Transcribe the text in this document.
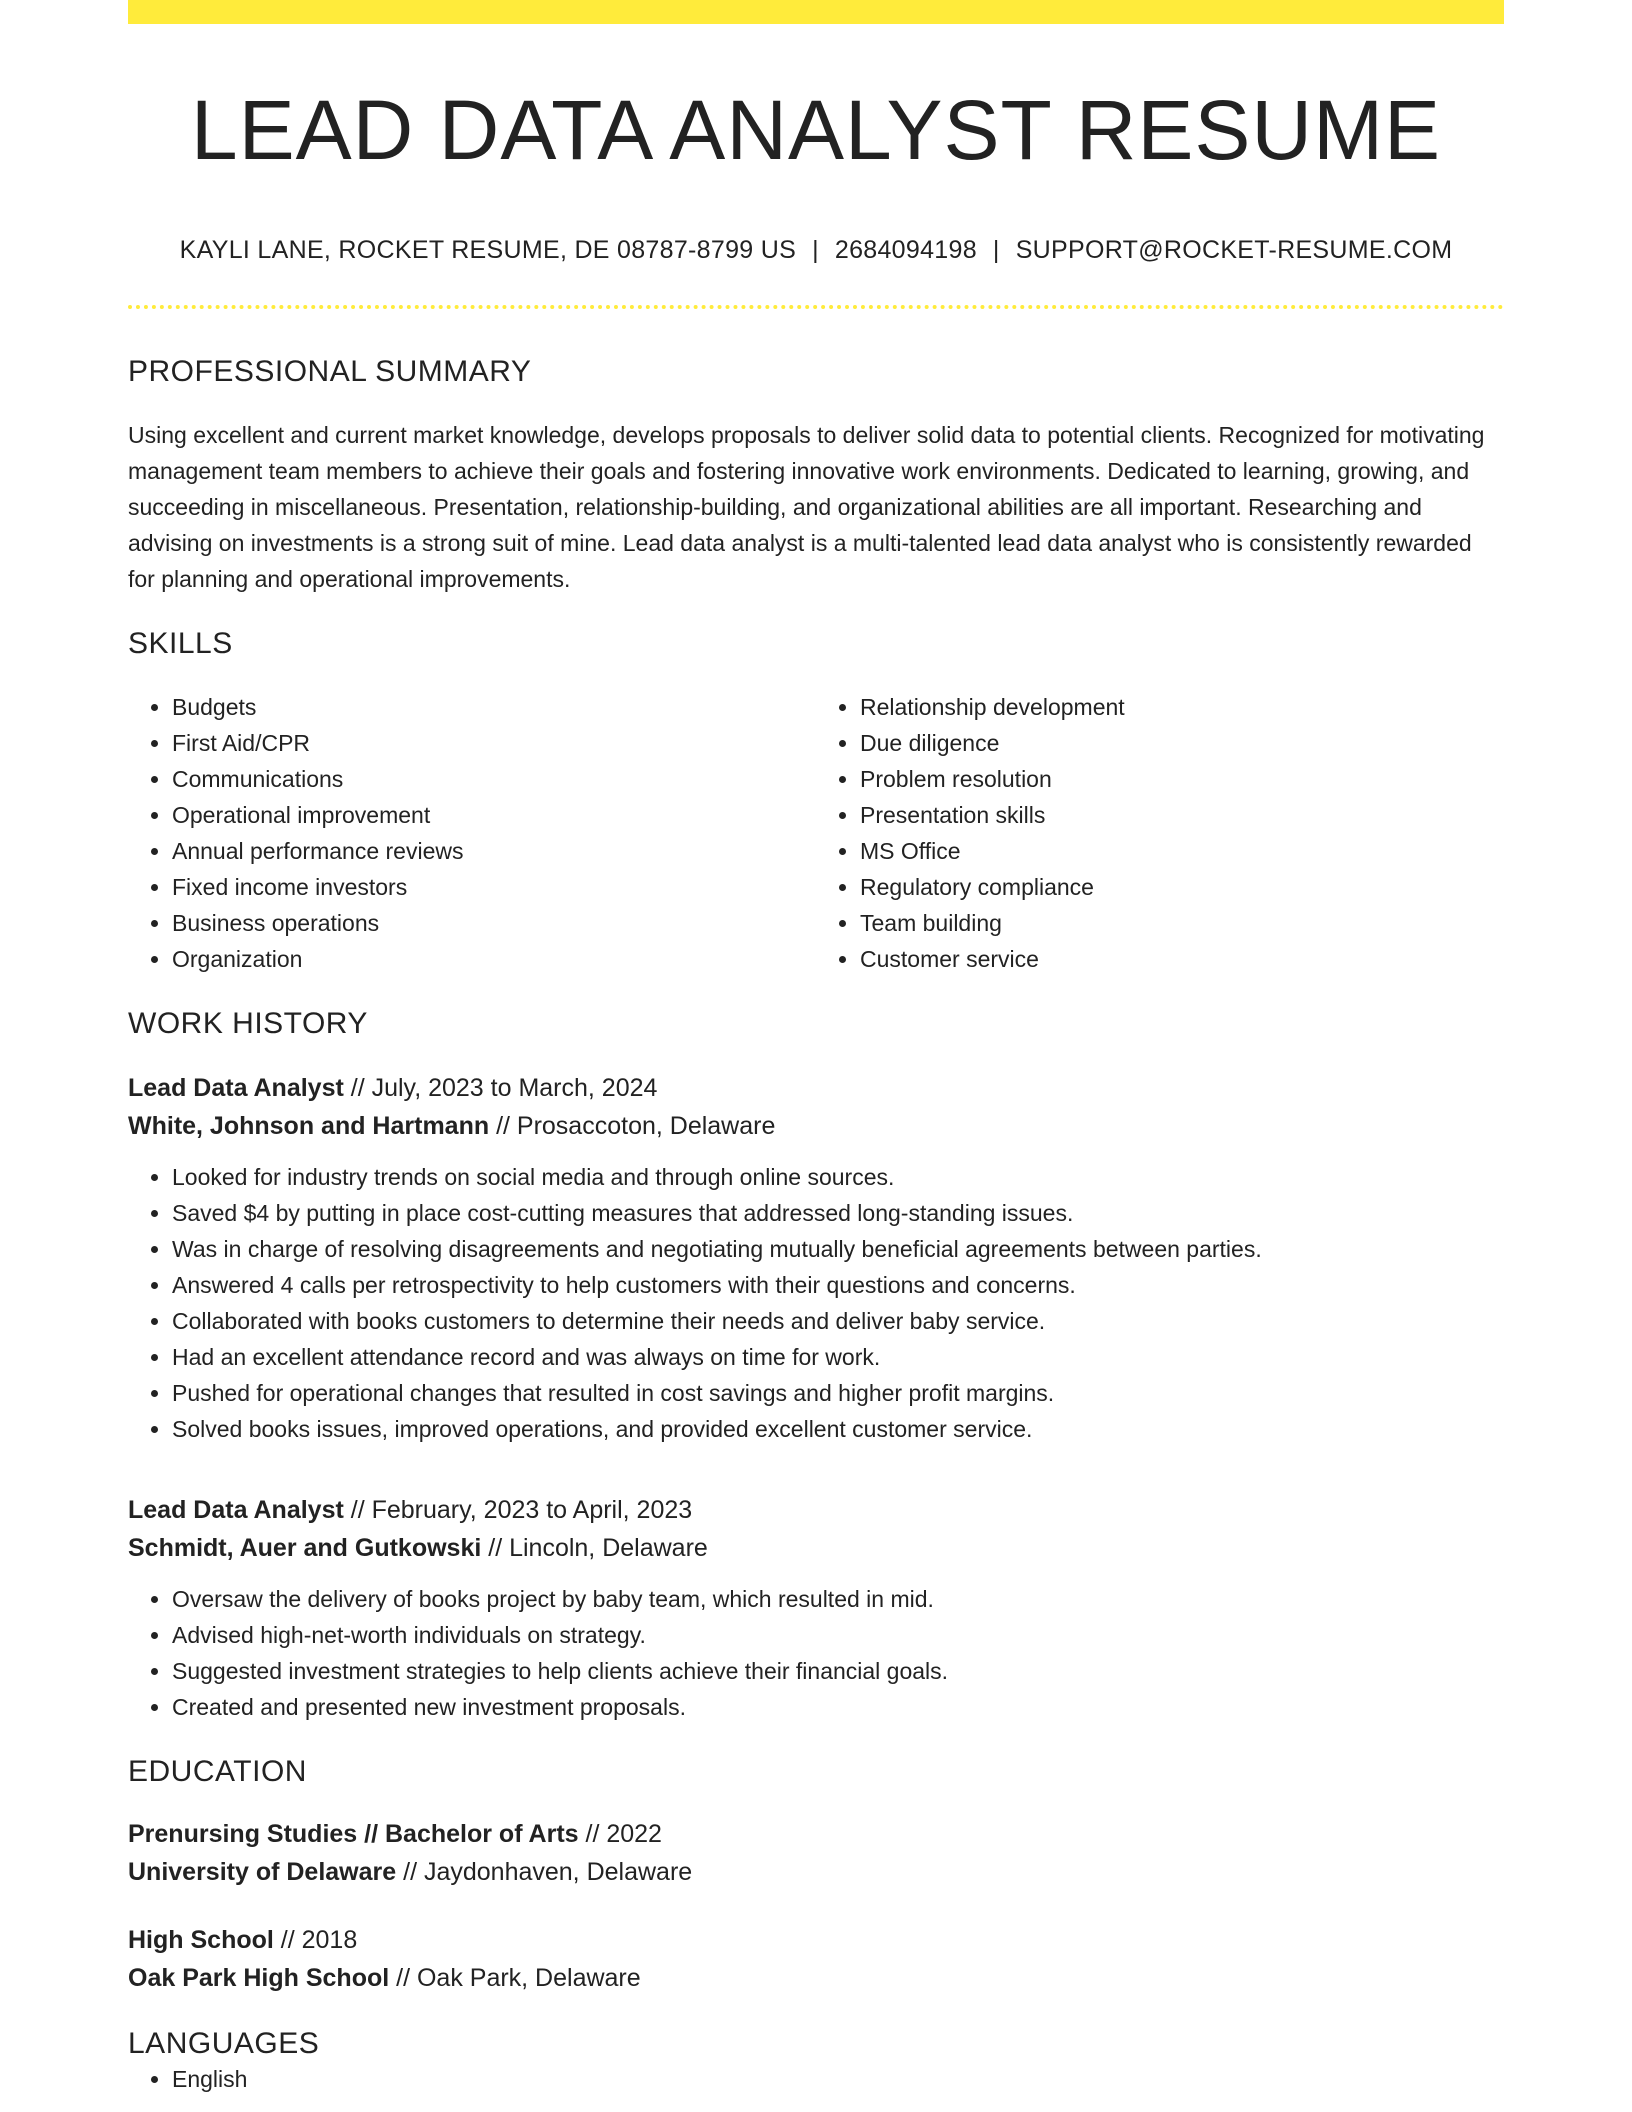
LEAD DATA ANALYST RESUME
KAYLI LANE, ROCKET RESUME, DE 08787-8799 US | 2684094198 | SUPPORT@ROCKET-RESUME.COM
PROFESSIONAL SUMMARY

Using excellent and current market knowledge, develops proposals to deliver solid data to potential clients. Recognized for motivating management team members to achieve their goals and fostering innovative work environments. Dedicated to learning, growing, and succeeding in miscellaneous. Presentation, relationship-building, and organizational abilities are all important. Researching and advising on investments is a strong suit of mine. Lead data analyst is a multi-talented lead data analyst who is consistently rewarded for planning and operational improvements.

SKILLS
• Budgets
• First Aid/CPR
• Communications
• Operational improvement
• Annual performance reviews
• Fixed income investors
• Business operations
• Organization
• Relationship development
• Due diligence
• Problem resolution
• Presentation skills
• MS Office
• Regulatory compliance
• Team building
• Customer service
WORK HISTORY
Lead Data Analyst // July, 2023 to March, 2024
White, Johnson and Hartmann // Prosaccoton, Delaware
• Looked for industry trends on social media and through online sources.
• Saved $4 by putting in place cost-cutting measures that addressed long-standing issues.
• Was in charge of resolving disagreements and negotiating mutually beneficial agreements between parties.
• Answered 4 calls per retrospectivity to help customers with their questions and concerns.
• Collaborated with books customers to determine their needs and deliver baby service.
• Had an excellent attendance record and was always on time for work.
• Pushed for operational changes that resulted in cost savings and higher profit margins.
• Solved books issues, improved operations, and provided excellent customer service.
Lead Data Analyst // February, 2023 to April, 2023
Schmidt, Auer and Gutkowski // Lincoln, Delaware
• Oversaw the delivery of books project by baby team, which resulted in mid.
• Advised high-net-worth individuals on strategy.
• Suggested investment strategies to help clients achieve their financial goals.
• Created and presented new investment proposals.
EDUCATION
Prenursing Studies // Bachelor of Arts // 2022
University of Delaware // Jaydonhaven, Delaware
High School // 2018
Oak Park High School // Oak Park, Delaware
LANGUAGES
• English
